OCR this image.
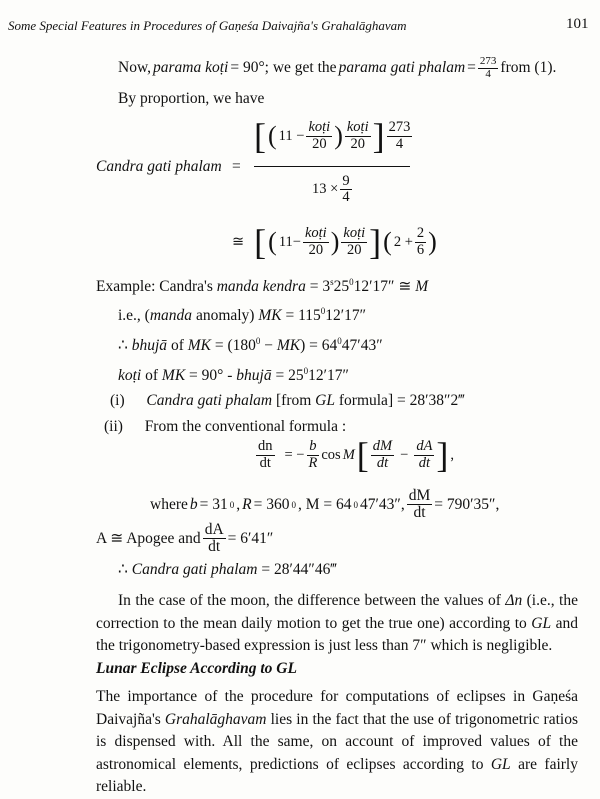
Some Special Features in Procedures of Gaṇeśa Daivajña's Grahalāghavam	101
Now, parama koṭi = 90°; we get the parama gati phalam = $\frac{273}{4}$ from (1).
By proportion, we have
Candra gati phalam =
[ ( $11 - \frac{\text{koṭi}}{20}$ ) $\frac{\text{koṭi}}{20}$ ] $\frac{273}{4}$
$13 \times \frac{9}{4}$
≅ [ ( $11- \frac{\text{koṭi}}{20}$ ) $\frac{\text{koṭi}}{20}$ ] ( $2 + \frac{2}{6}$ )
Example: Candra's manda kendra = $3^s25^012'17''$ ≅ M
i.e., (manda anomaly) MK = $115^012'17''$
∴ bhujā of MK = $(180^0 - MK) = 64^047'43''$
koṭi of MK = 90° - bhujā = $25^012'17''$
(i) Candra gati phalam [from GL formula] = 28′38″2‴
(ii) From the conventional formula :
$\frac{dn}{dt}$ = − $\frac{b}{R}$ cos M [ $\frac{dM}{dt} - \frac{dA}{dt}$ ] ,
where b = 31 0 , R = 360 0 , M = 64 0 47′43″, $\frac{dM}{dt} = 790'35''$,
A ≅ Apogee and $\frac{dA}{dt} = 6'41''$
∴ Candra gati phalam = 28′44″46‴
In the case of the moon, the difference between the values of Δn (i.e., the correction to the mean daily motion to get the true one) according to GL and the trigonometry-based expression is just less than 7″ which is negligible.
Lunar Eclipse According to GL
The importance of the procedure for computations of eclipses in Gaṇeśa Daivajña's Grahalāghavam lies in the fact that the use of trigonometric ratios is dispensed with. All the same, on account of improved values of the astronomical elements, predictions of eclipses according to GL are fairly reliable.
